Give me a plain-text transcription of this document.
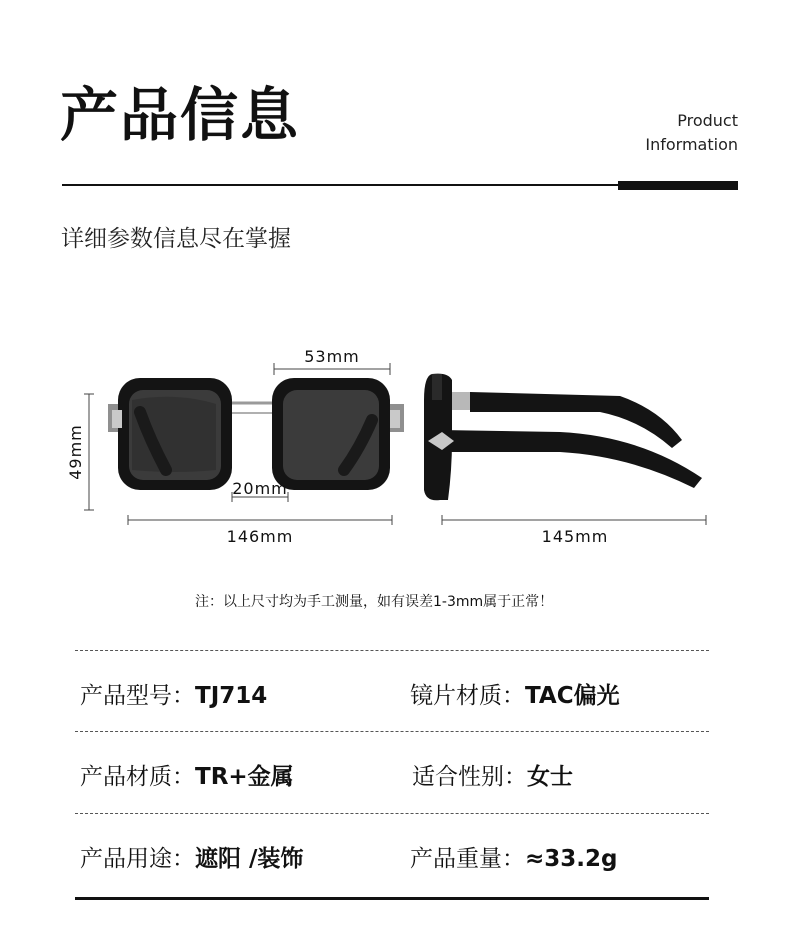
产品信息	Product
Information
详细参数信息尽在掌握
53mm
49mm
20mm
146mm	145mm
注：以上尺寸均为手工测量，如有误差1-3mm属于正常！
产品型号：TJ714	镜片材质：TAC偏光
产品材质：TR+金属	适合性别：女士
产品用途：遮阳 /装饰	产品重量：≈33.2g
